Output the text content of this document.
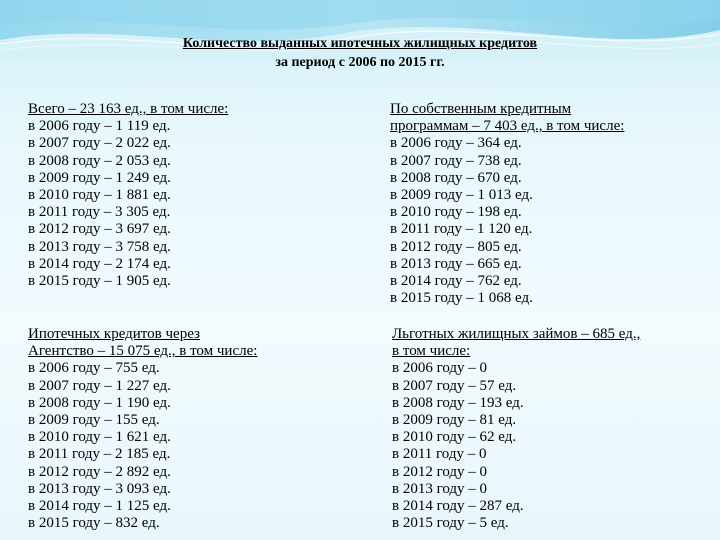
Количество выданных ипотечных жилищных кредитов
за период с 2006 по 2015 гг.
Всего – 23 163 ед., в том числе:
в 2006 году – 1 119 ед.
в 2007 году – 2 022 ед.
в 2008 году – 2 053 ед.
в 2009 году – 1 249 ед.
в 2010 году – 1 881 ед.
в 2011 году – 3 305 ед.
в 2012 году – 3 697 ед.
в 2013 году – 3 758 ед.
в 2014 году – 2 174 ед.
в 2015 году – 1 905 ед.
По собственным кредитным
программам – 7 403 ед., в том числе:
в 2006 году – 364 ед.
в 2007 году – 738 ед.
в 2008 году – 670 ед.
в 2009 году – 1 013 ед.
в 2010 году – 198 ед.
в 2011 году – 1 120 ед.
в 2012 году – 805 ед.
в 2013 году – 665 ед.
в 2014 году – 762 ед.
в 2015 году – 1 068 ед.
Ипотечных кредитов через
Агентство – 15 075 ед., в том числе:
в 2006 году – 755 ед.
в 2007 году – 1 227 ед.
в 2008 году – 1 190 ед.
в 2009 году – 155 ед.
в 2010 году – 1 621 ед.
в 2011 году – 2 185 ед.
в 2012 году – 2 892 ед.
в 2013 году – 3 093 ед.
в 2014 году – 1 125 ед.
в 2015 году – 832 ед.
Льготных жилищных займов – 685 ед.,
в том числе:
в 2006 году – 0
в 2007 году – 57 ед.
в 2008 году – 193 ед.
в 2009 году – 81 ед.
в 2010 году – 62 ед.
в 2011 году – 0
в 2012 году – 0
в 2013 году – 0
в 2014 году – 287 ед.
в 2015 году – 5 ед.
